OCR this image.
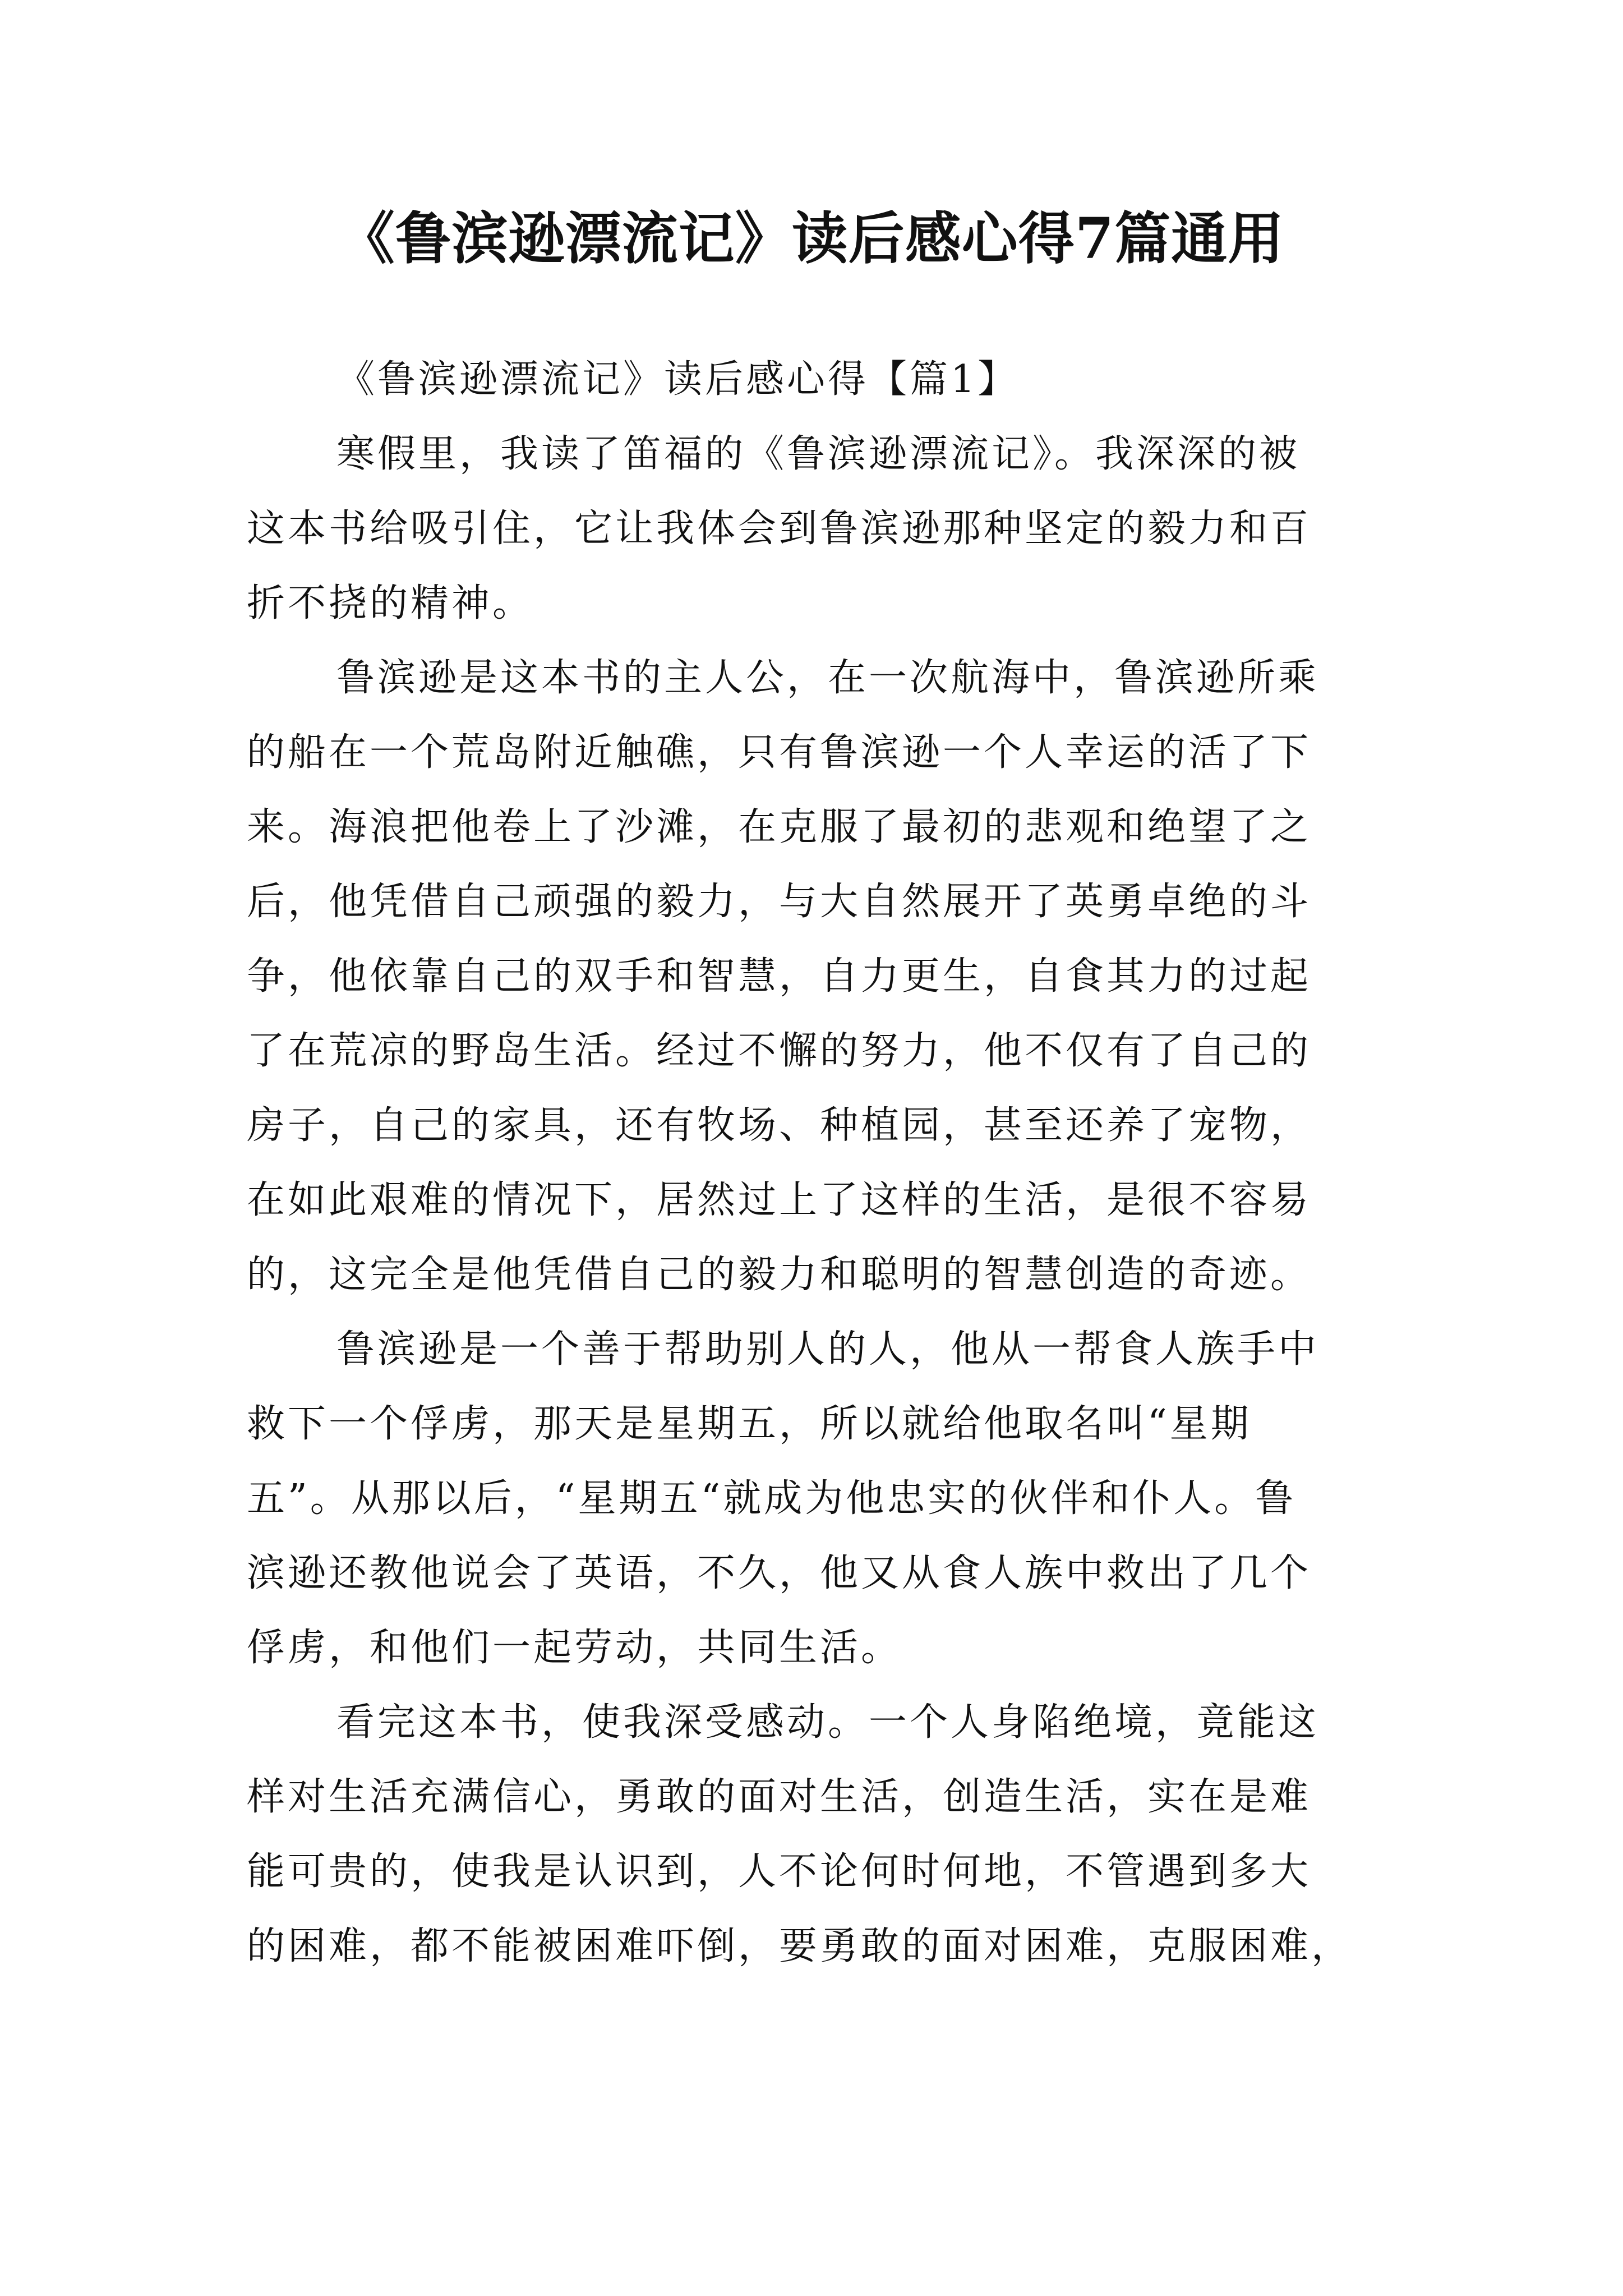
《鲁滨逊漂流记》读后感心得7篇通用
《鲁滨逊漂流记》读后感心得【篇1】
寒假里，我读了笛福的《鲁滨逊漂流记》。我深深的被
这本书给吸引住，它让我体会到鲁滨逊那种坚定的毅力和百
折不挠的精神。
鲁滨逊是这本书的主人公，在一次航海中，鲁滨逊所乘
的船在一个荒岛附近触礁，只有鲁滨逊一个人幸运的活了下
来。海浪把他卷上了沙滩，在克服了最初的悲观和绝望了之
后，他凭借自己顽强的毅力，与大自然展开了英勇卓绝的斗
争，他依靠自己的双手和智慧，自力更生，自食其力的过起
了在荒凉的野岛生活。经过不懈的努力，他不仅有了自己的
房子，自己的家具，还有牧场、种植园，甚至还养了宠物，
在如此艰难的情况下，居然过上了这样的生活，是很不容易
的，这完全是他凭借自己的毅力和聪明的智慧创造的奇迹。
鲁滨逊是一个善于帮助别人的人，他从一帮食人族手中
救下一个俘虏，那天是星期五，所以就给他取名叫“星期
五”。从那以后，“星期五“就成为他忠实的伙伴和仆人。鲁
滨逊还教他说会了英语，不久，他又从食人族中救出了几个
俘虏，和他们一起劳动，共同生活。
看完这本书，使我深受感动。一个人身陷绝境，竟能这
样对生活充满信心，勇敢的面对生活，创造生活，实在是难
能可贵的，使我是认识到，人不论何时何地，不管遇到多大
的困难，都不能被困难吓倒，要勇敢的面对困难，克服困难，
